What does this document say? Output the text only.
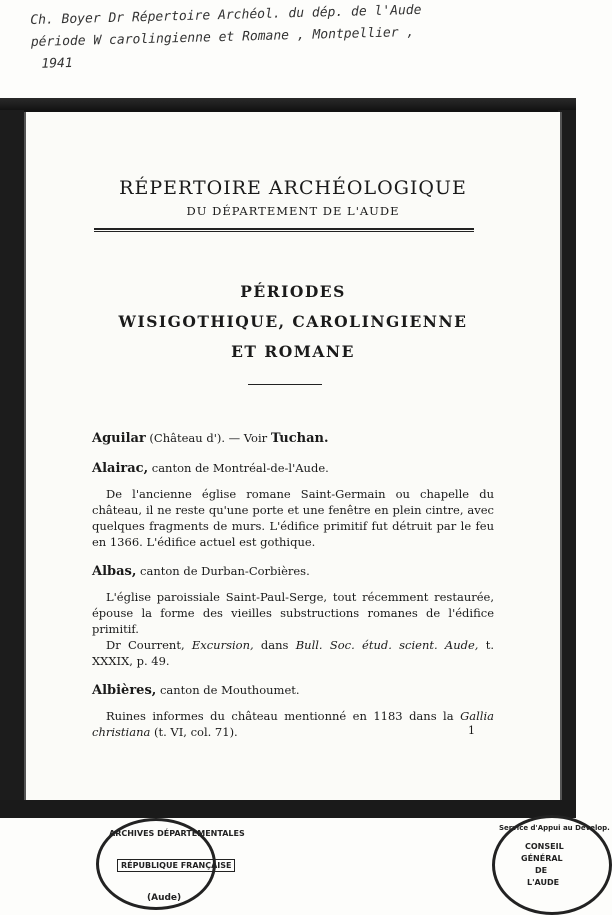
Ch. Boyer Dr Répertoire Archéol. du dép. de l'Aude
période W carolingienne et Romane , Montpellier ,
1941
RÉPERTOIRE ARCHÉOLOGIQUE
DU DÉPARTEMENT DE L'AUDE
PÉRIODES
WISIGOTHIQUE, CAROLINGIENNE
ET ROMANE
Aguilar (Château d'). — Voir Tuchan.
Alairac, canton de Montréal-de-l'Aude.

De l'ancienne église romane Saint-Germain ou chapelle du château, il ne reste qu'une porte et une fenêtre en plein cintre, avec quelques fragments de murs. L'édifice primitif fut détruit par le feu en 1366. L'édifice actuel est gothique.

Albas, canton de Durban-Corbières.

L'église paroissiale Saint-Paul-Serge, tout récemment restaurée, épouse la forme des vieilles substructions romanes de l'édifice primitif.

Dr Courrent, Excursion, dans Bull. Soc. étud. scient. Aude, t. XXXIX, p. 49.

Albières, canton de Mouthoumet.

Ruines informes du château mentionné en 1183 dans la Gallia christiana (t. VI, col. 71).	1
ARCHIVES DÉPARTEMENTALES
RÉPUBLIQUE FRANÇAISE
(Aude)
Service d'Appui au Dévelop.
CONSEIL
GÉNÉRAL
DE
L'AUDE
